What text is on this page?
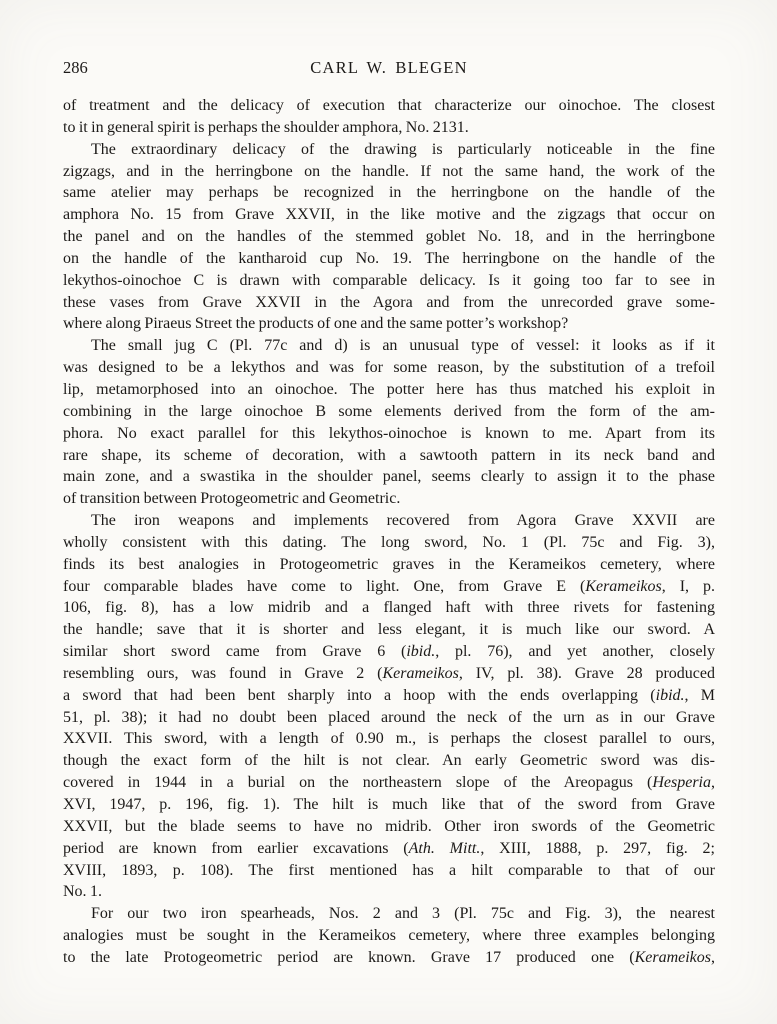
286	CARL W. BLEGEN
of treatment and the delicacy of execution that characterize our oinochoe. The closest
to it in general spirit is perhaps the shoulder amphora, No. 2131.
The extraordinary delicacy of the drawing is particularly noticeable in the fine
zigzags, and in the herringbone on the handle. If not the same hand, the work of the
same atelier may perhaps be recognized in the herringbone on the handle of the
amphora No. 15 from Grave XXVII, in the like motive and the zigzags that occur on
the panel and on the handles of the stemmed goblet No. 18, and in the herringbone
on the handle of the kantharoid cup No. 19. The herringbone on the handle of the
lekythos-oinochoe C is drawn with comparable delicacy. Is it going too far to see in
these vases from Grave XXVII in the Agora and from the unrecorded grave some-
where along Piraeus Street the products of one and the same potter’s workshop?
The small jug C (Pl. 77c and d) is an unusual type of vessel: it looks as if it
was designed to be a lekythos and was for some reason, by the substitution of a trefoil
lip, metamorphosed into an oinochoe. The potter here has thus matched his exploit in
combining in the large oinochoe B some elements derived from the form of the am-
phora. No exact parallel for this lekythos-oinochoe is known to me. Apart from its
rare shape, its scheme of decoration, with a sawtooth pattern in its neck band and
main zone, and a swastika in the shoulder panel, seems clearly to assign it to the phase
of transition between Protogeometric and Geometric.
The iron weapons and implements recovered from Agora Grave XXVII are
wholly consistent with this dating. The long sword, No. 1 (Pl. 75c and Fig. 3),
finds its best analogies in Protogeometric graves in the Kerameikos cemetery, where
four comparable blades have come to light. One, from Grave E (Kerameikos, I, p.
106, fig. 8), has a low midrib and a flanged haft with three rivets for fastening
the handle; save that it is shorter and less elegant, it is much like our sword. A
similar short sword came from Grave 6 (ibid., pl. 76), and yet another, closely
resembling ours, was found in Grave 2 (Kerameikos, IV, pl. 38). Grave 28 produced
a sword that had been bent sharply into a hoop with the ends overlapping (ibid., M
51, pl. 38); it had no doubt been placed around the neck of the urn as in our Grave
XXVII. This sword, with a length of 0.90 m., is perhaps the closest parallel to ours,
though the exact form of the hilt is not clear. An early Geometric sword was dis-
covered in 1944 in a burial on the northeastern slope of the Areopagus (Hesperia,
XVI, 1947, p. 196, fig. 1). The hilt is much like that of the sword from Grave
XXVII, but the blade seems to have no midrib. Other iron swords of the Geometric
period are known from earlier excavations (Ath. Mitt., XIII, 1888, p. 297, fig. 2;
XVIII, 1893, p. 108). The first mentioned has a hilt comparable to that of our
No. 1.
For our two iron spearheads, Nos. 2 and 3 (Pl. 75c and Fig. 3), the nearest
analogies must be sought in the Kerameikos cemetery, where three examples belonging
to the late Protogeometric period are known. Grave 17 produced one (Kerameikos,
